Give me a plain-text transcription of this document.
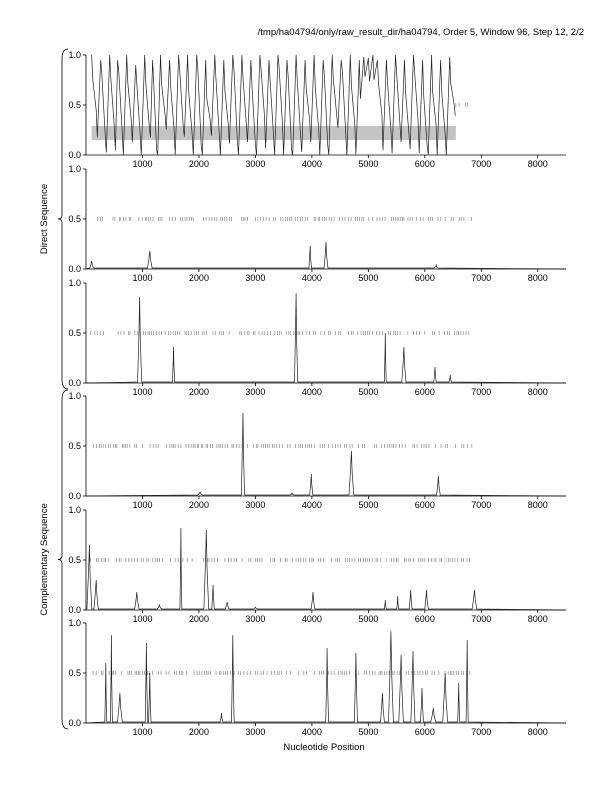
/tmp/ha04794/only/raw_result_dir/ha04794, Order 5, Window 96, Step 12, 2/2
0.0
0.5
1.0
1000	2000	3000	4000	5000	6000	7000	8000
0.0
0.5
1.0
1000	2000	3000	4000	5000	6000	7000	8000
0.0
0.5
1.0
1000	2000	3000	4000	5000	6000	7000	8000
0.0
0.5
1.0
1000	2000	3000	4000	5000	6000	7000	8000
0.0
0.5
1.0
1000	2000	3000	4000	5000	6000	7000	8000
0.0
0.5
1.0
1000	2000	3000	4000	5000	6000	7000	8000
Direct Sequence
Complementary Sequence
Nucleotide Position
